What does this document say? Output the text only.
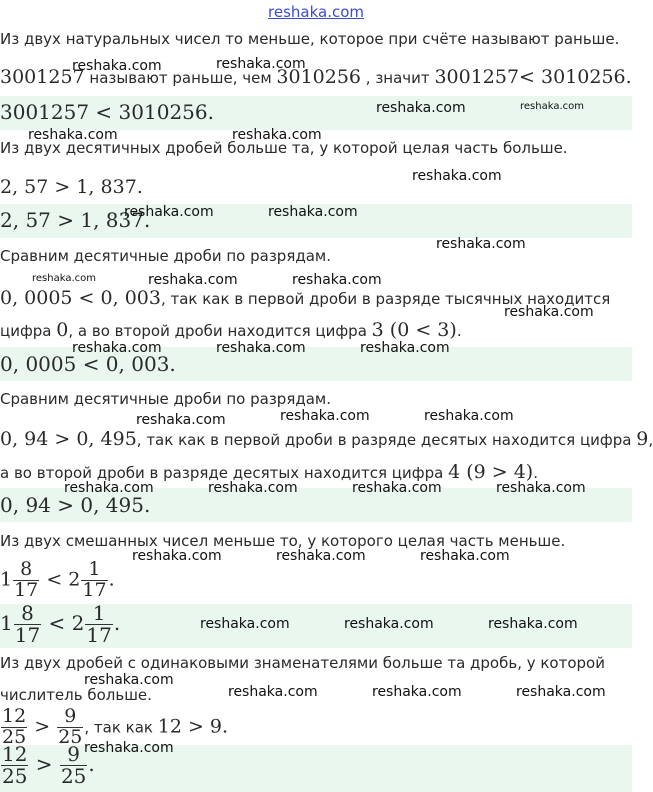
reshaka.com
Из двух натуральных чисел то меньше, которое при счёте называют раньше.
3001257 называют раньше, чем 3010256 , значит 3001257< 3010256.
3001257 < 3010256.
Из двух десятичных дробей больше та, у которой целая часть больше.
2, 57 > 1, 837.
2, 57 > 1, 837.
Сравним десятичные дроби по разрядам.
0, 0005 < 0, 003, так как в первой дроби в разряде тысячных находится
цифра 0, а во второй дроби находится цифра 3 (0 < 3).
0, 0005 < 0, 003.
Сравним десятичные дроби по разрядам.
0, 94 > 0, 495, так как в первой дроби в разряде десятых находится цифра 9,
а во второй дроби в разряде десятых находится цифра 4 (9 > 4).
0, 94 > 0, 495.
Из двух смешанных чисел меньше то, у которого целая часть меньше.
$1 \frac{8}{17} < 2 \frac{1}{17}$ .
$1 \frac{8}{17} < 2 \frac{1}{17}$ .
Из двух дробей с одинаковыми знаменателями больше та дробь, у которой
числитель больше.
$\frac{12}{25} > \frac{9}{25}$ , так как 12 > 9.
$\frac{12}{25} > \frac{9}{25}$ .
reshaka.com	reshaka.com
reshaka.com	reshaka.com
reshaka.com	reshaka.com
reshaka.com
reshaka.com	reshaka.com
reshaka.com
reshaka.com	reshaka.com	reshaka.com
reshaka.com
reshaka.com	reshaka.com	reshaka.com
reshaka.com	reshaka.com	reshaka.com
reshaka.com	reshaka.com	reshaka.com	reshaka.com
reshaka.com	reshaka.com	reshaka.com
reshaka.com	reshaka.com	reshaka.com
reshaka.com
reshaka.com	reshaka.com	reshaka.com
reshaka.com
